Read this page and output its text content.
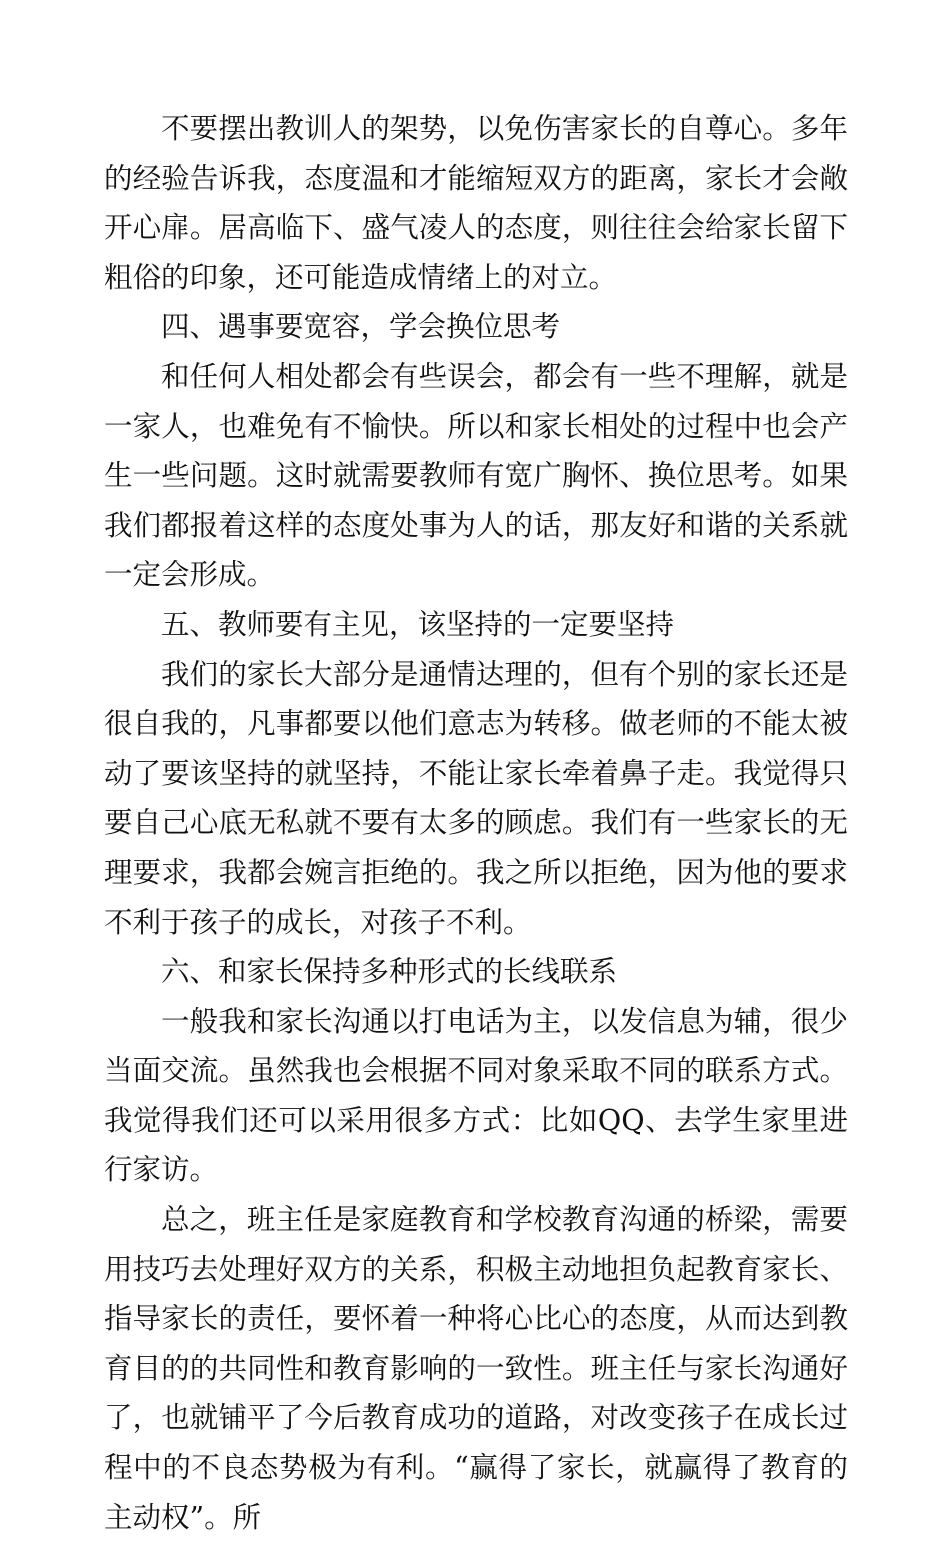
不要摆出教训人的架势，以免伤害家长的自尊心。多年的经验告诉我，态度温和才能缩短双方的距离，家长才会敞开心扉。居高临下、盛气凌人的态度，则往往会给家长留下粗俗的印象，还可能造成情绪上的对立。

四、遇事要宽容，学会换位思考

和任何人相处都会有些误会，都会有一些不理解，就是一家人，也难免有不愉快。所以和家长相处的过程中也会产生一些问题。这时就需要教师有宽广胸怀、换位思考。如果我们都报着这样的态度处事为人的话，那友好和谐的关系就一定会形成。

五、教师要有主见，该坚持的一定要坚持

我们的家长大部分是通情达理的，但有个别的家长还是很自我的，凡事都要以他们意志为转移。做老师的不能太被动了要该坚持的就坚持，不能让家长牵着鼻子走。我觉得只要自己心底无私就不要有太多的顾虑。我们有一些家长的无理要求，我都会婉言拒绝的。我之所以拒绝，因为他的要求不利于孩子的成长，对孩子不利。

六、和家长保持多种形式的长线联系

一般我和家长沟通以打电话为主，以发信息为辅，很少当面交流。虽然我也会根据不同对象采取不同的联系方式。我觉得我们还可以采用很多方式：比如QQ、去学生家里进行家访。

总之，班主任是家庭教育和学校教育沟通的桥梁，需要用技巧去处理好双方的关系，积极主动地担负起教育家长、指导家长的责任，要怀着一种将心比心的态度，从而达到教育目的的共同性和教育影响的一致性。班主任与家长沟通好了，也就铺平了今后教育成功的道路，对改变孩子在成长过程中的不良态势极为有利。“赢得了家长，就赢得了教育的主动权”。所
